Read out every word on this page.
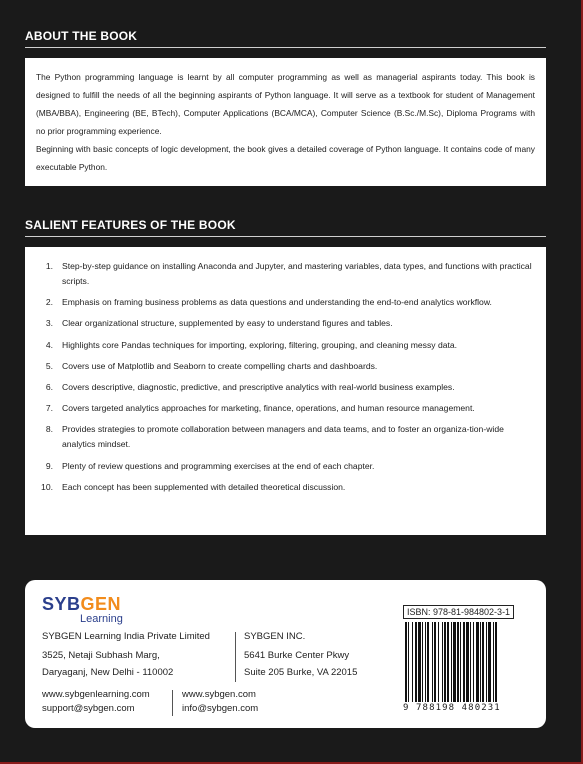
ABOUT THE BOOK

The Python programming language is learnt by all computer programming as well as managerial aspirants today. This book is designed to fulfill the needs of all the beginning aspirants of Python language. It will serve as a textbook for student of Management (MBA/BBA), Engineering (BE, BTech), Computer Applications (BCA/MCA), Computer Science (B.Sc./M.Sc), Diploma Programs with no prior programming experience.

Beginning with basic concepts of logic development, the book gives a detailed coverage of Python language. It contains code of many executable Python.

SALIENT FEATURES OF THE BOOK
1. Step-by-step guidance on installing Anaconda and Jupyter, and mastering variables, data types, and functions with practical scripts.
2. Emphasis on framing business problems as data questions and understanding the end-to-end analytics workflow.
3. Clear organizational structure, supplemented by easy to understand figures and tables.
4. Highlights core Pandas techniques for importing, exploring, filtering, grouping, and cleaning messy data.
5. Covers use of Matplotlib and Seaborn to create compelling charts and dashboards.
6. Covers descriptive, diagnostic, predictive, and prescriptive analytics with real-world business examples.
7. Covers targeted analytics approaches for marketing, finance, operations, and human resource management.
8. Provides strategies to promote collaboration between managers and data teams, and to foster an organiza-tion-wide analytics mindset.
9. Plenty of review questions and programming exercises at the end of each chapter.
10. Each concept has been supplemented with detailed theoretical discussion.
SYBGEN
Learning
SYBGEN Learning India Private Limited
3525, Netaji Subhash Marg,
Daryaganj, New Delhi - 110002
SYBGEN INC.
5641 Burke Center Pkwy
Suite 205 Burke, VA 22015
www.sybgenlearning.com
support@sybgen.com
www.sybgen.com
info@sybgen.com
ISBN: 978-81-984802-3-1
9 788198 480231
